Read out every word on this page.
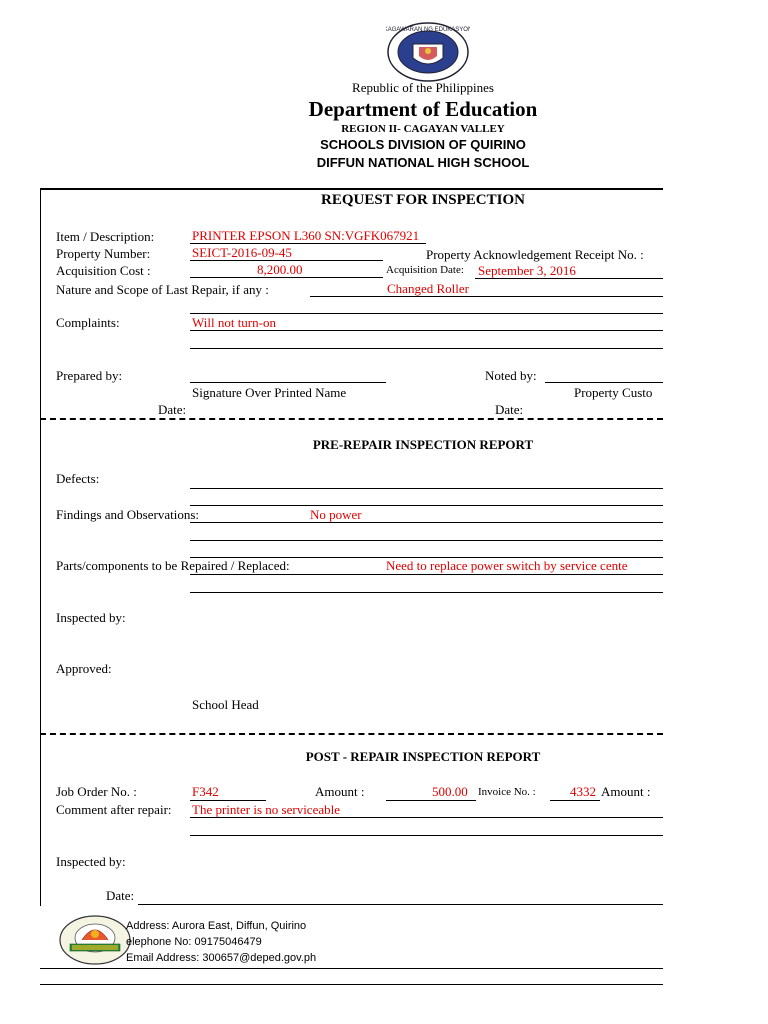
KAGAWARAN NG EDUKASYON
Republic of the Philippines
Department of Education
REGION II- CAGAYAN VALLEY
SCHOOLS DIVISION OF QUIRINO
DIFFUN NATIONAL HIGH SCHOOL
REQUEST FOR INSPECTION
Item / Description:	PRINTER EPSON L360 SN:VGFK067921
Property Number:	SEICT-2016-09-45	Property Acknowledgement Receipt No. :
Acquisition Cost :	8,200.00	Acquisition Date: September 3, 2016
Nature and Scope of Last Repair, if any :	Changed Roller
Complaints:	Will not turn-on
Prepared by:	Noted by:
Signature Over Printed Name	Property Custo
Date:	Date:
PRE-REPAIR INSPECTION REPORT
Defects:
Findings and Observations:	No power
Parts/components to be Repaired / Replaced:	Need to replace power switch by service cente
Inspected by:
Approved:
School Head
POST - REPAIR INSPECTION REPORT
Job Order No. :	F342	Amount :	500.00 Invoice No. :	4332 Amount :
Comment after repair: The printer is no serviceable
Inspected by:
Date:
Address: Aurora East, Diffun, Quirino
elephone No: 09175046479
Email Address: 300657@deped.gov.ph
